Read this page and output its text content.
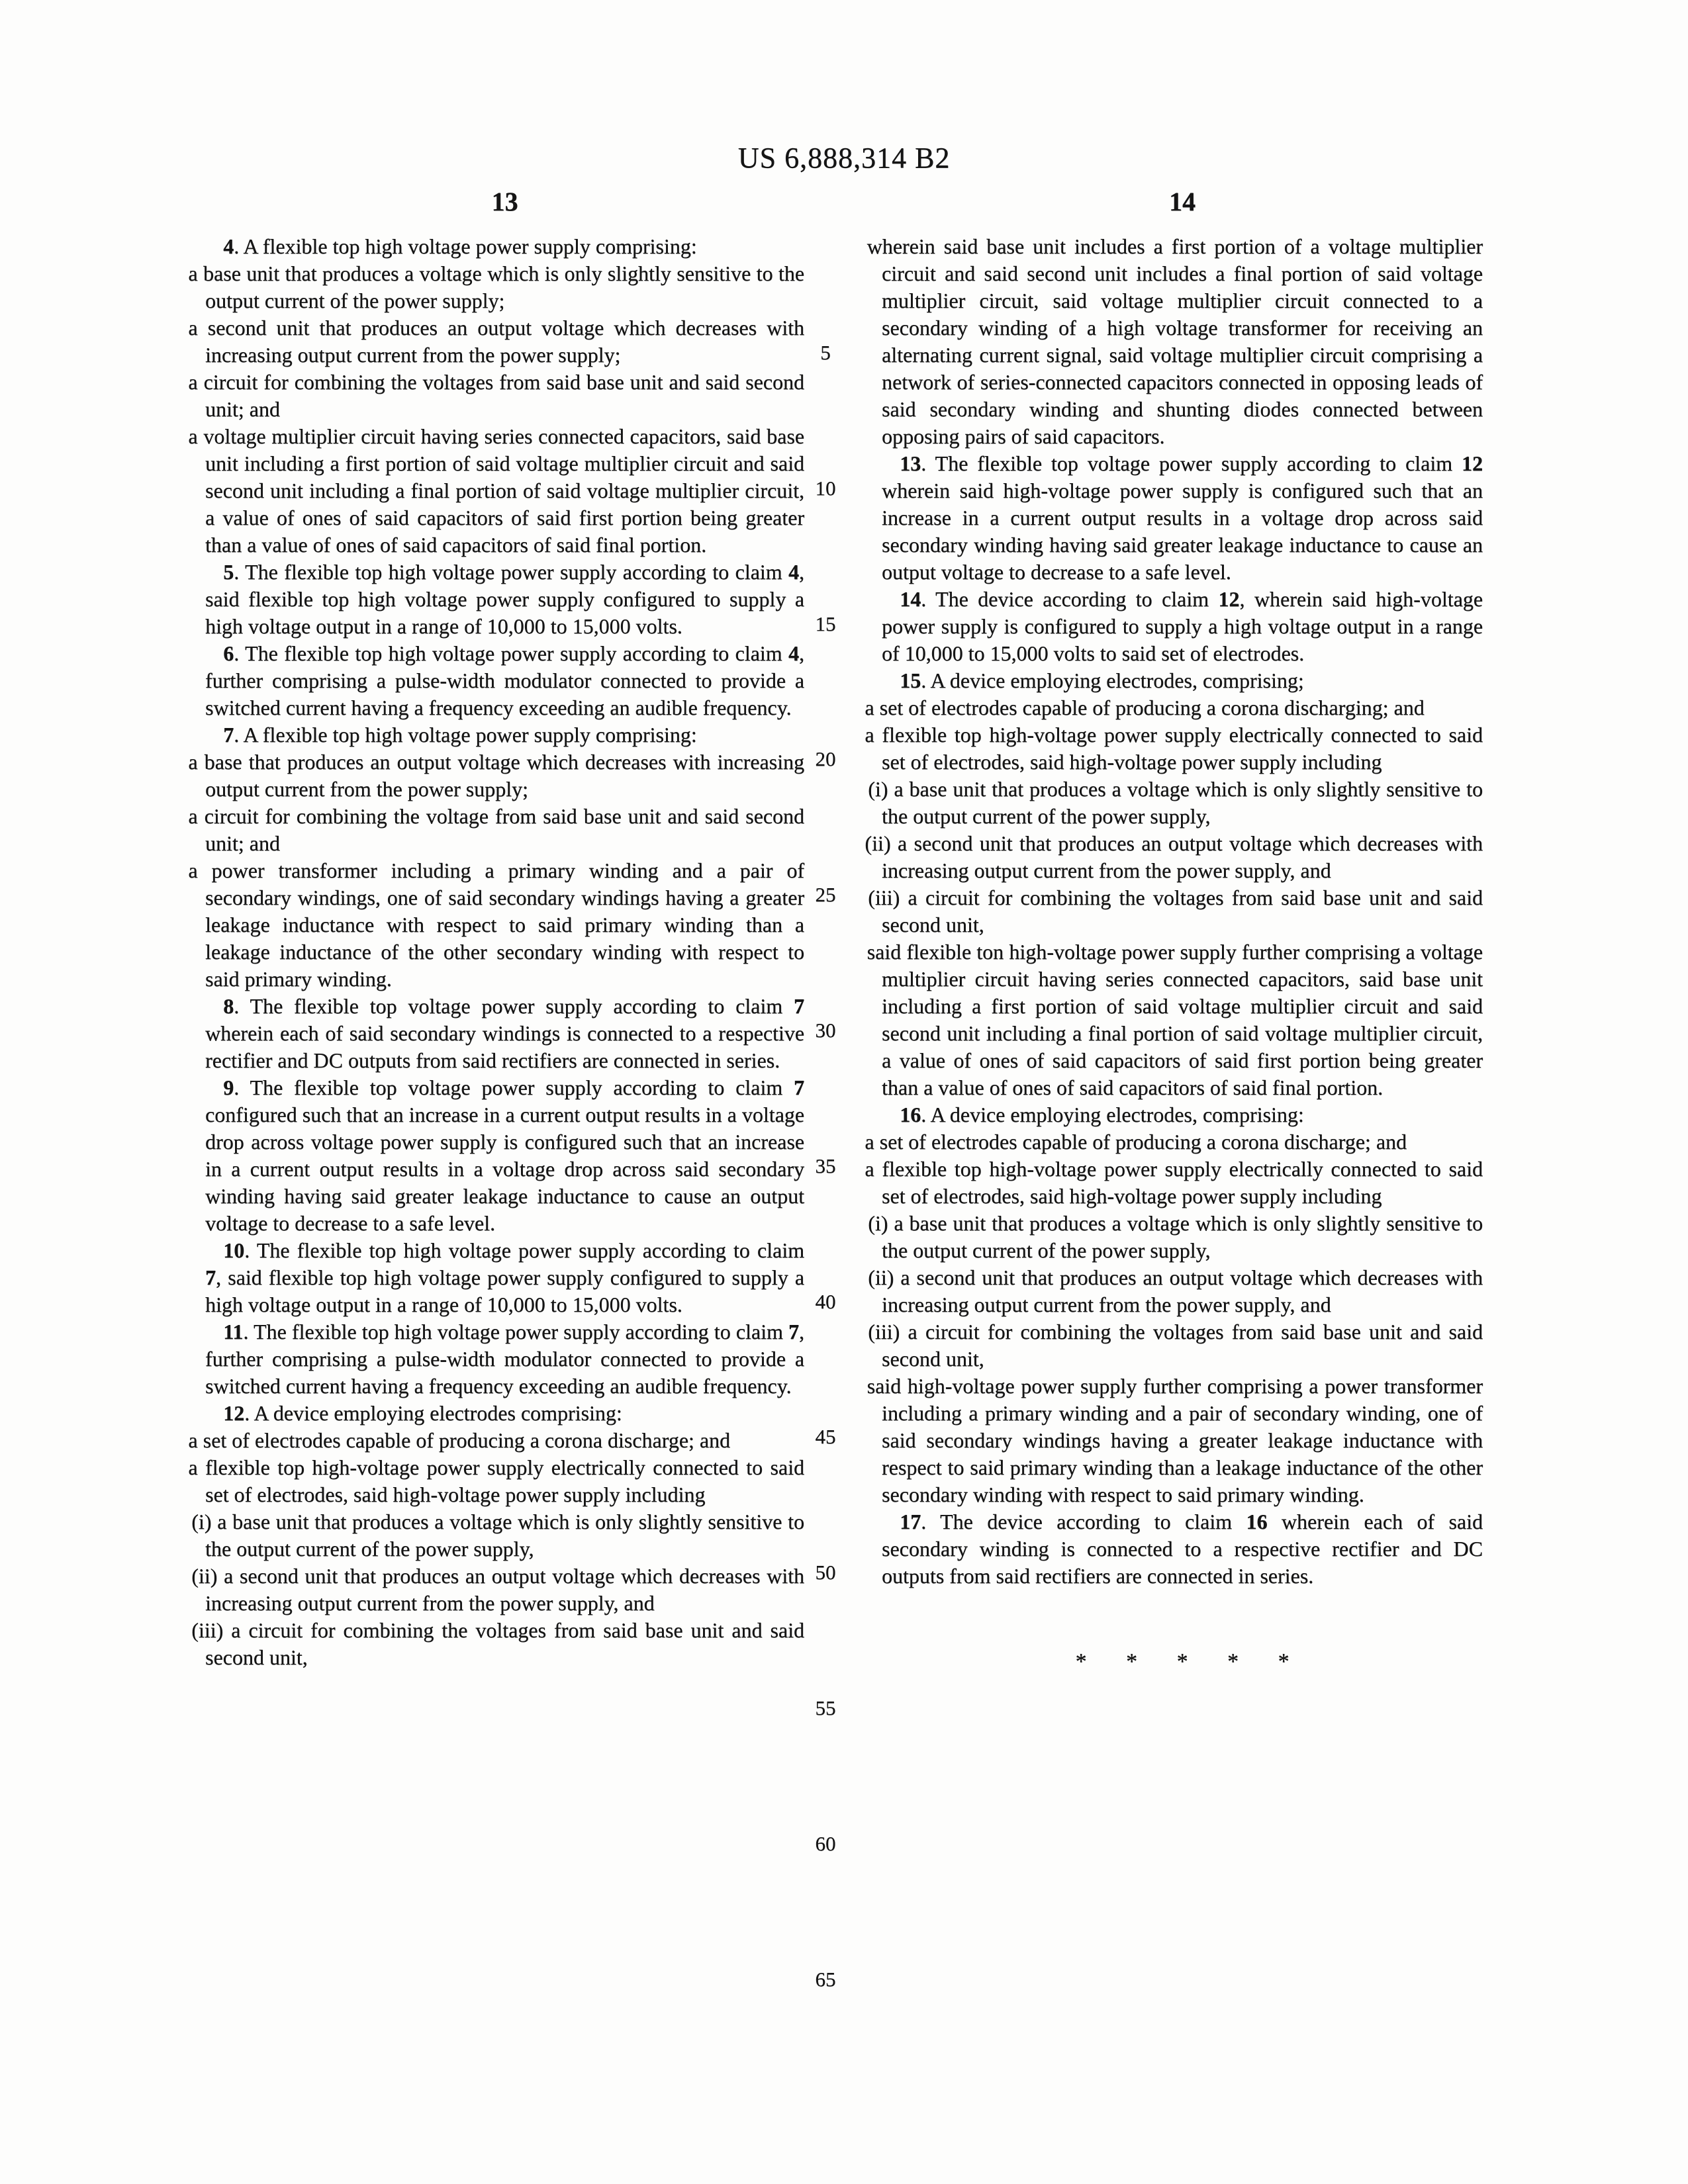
US 6,888,314 B2
13	14
5
10
15
20
25
30
35
40
45
50
55
60
65

4. A flexible top high voltage power supply comprising:

a base unit that produces a voltage which is only slightly sensitive to the output current of the power supply;

a second unit that produces an output voltage which decreases with increasing output current from the power supply;

a circuit for combining the voltages from said base unit and said second unit; and

a voltage multiplier circuit having series connected capacitors, said base unit including a first portion of said voltage multiplier circuit and said second unit including a final portion of said voltage multiplier circuit, a value of ones of said capacitors of said first portion being greater than a value of ones of said capacitors of said final portion.

5. The flexible top high voltage power supply according to claim 4, said flexible top high voltage power supply configured to supply a high voltage output in a range of 10,000 to 15,000 volts.

6. The flexible top high voltage power supply according to claim 4, further comprising a pulse-width modulator connected to provide a switched current having a frequency exceeding an audible frequency.

7. A flexible top high voltage power supply comprising:

a base that produces an output voltage which decreases with increasing output current from the power supply;

a circuit for combining the voltage from said base unit and said second unit; and

a power transformer including a primary winding and a pair of secondary windings, one of said secondary windings having a greater leakage inductance with respect to said primary winding than a leakage inductance of the other secondary winding with respect to said primary winding.

8. The flexible top voltage power supply according to claim 7 wherein each of said secondary windings is connected to a respective rectifier and DC outputs from said rectifiers are connected in series.

9. The flexible top voltage power supply according to claim 7 configured such that an increase in a current output results in a voltage drop across voltage power supply is configured such that an increase in a current output results in a voltage drop across said secondary winding having said greater leakage inductance to cause an output voltage to decrease to a safe level.

10. The flexible top high voltage power supply according to claim 7, said flexible top high voltage power supply configured to supply a high voltage output in a range of 10,000 to 15,000 volts.

11. The flexible top high voltage power supply according to claim 7, further comprising a pulse-width modulator connected to provide a switched current having a frequency exceeding an audible frequency.

12. A device employing electrodes comprising:

a set of electrodes capable of producing a corona discharge; and

a flexible top high-voltage power supply electrically connected to said set of electrodes, said high-voltage power supply including

(i) a base unit that produces a voltage which is only slightly sensitive to the output current of the power supply,

(ii) a second unit that produces an output voltage which decreases with increasing output current from the power supply, and

(iii) a circuit for combining the voltages from said base unit and said second unit,

wherein said base unit includes a first portion of a voltage multiplier circuit and said second unit includes a final portion of said voltage multiplier circuit, said voltage multiplier circuit connected to a secondary winding of a high voltage transformer for receiving an alternating current signal, said voltage multiplier circuit comprising a network of series-connected capacitors connected in opposing leads of said secondary winding and shunting diodes connected between opposing pairs of said capacitors.

13. The flexible top voltage power supply according to claim 12 wherein said high-voltage power supply is configured such that an increase in a current output results in a voltage drop across said secondary winding having said greater leakage inductance to cause an output voltage to decrease to a safe level.

14. The device according to claim 12, wherein said high-voltage power supply is configured to supply a high voltage output in a range of 10,000 to 15,000 volts to said set of electrodes.

15. A device employing electrodes, comprising;

a set of electrodes capable of producing a corona discharging; and

a flexible top high-voltage power supply electrically connected to said set of electrodes, said high-voltage power supply including

(i) a base unit that produces a voltage which is only slightly sensitive to the output current of the power supply,

(ii) a second unit that produces an output voltage which decreases with increasing output current from the power supply, and

(iii) a circuit for combining the voltages from said base unit and said second unit,

said flexible ton high-voltage power supply further comprising a voltage multiplier circuit having series connected capacitors, said base unit including a first portion of said voltage multiplier circuit and said second unit including a final portion of said voltage multiplier circuit, a value of ones of said capacitors of said first portion being greater than a value of ones of said capacitors of said final portion.

16. A device employing electrodes, comprising:

a set of electrodes capable of producing a corona discharge; and

a flexible top high-voltage power supply electrically connected to said set of electrodes, said high-voltage power supply including

(i) a base unit that produces a voltage which is only slightly sensitive to the output current of the power supply,

(ii) a second unit that produces an output voltage which decreases with increasing output current from the power supply, and

(iii) a circuit for combining the voltages from said base unit and said second unit,

said high-voltage power supply further comprising a power transformer including a primary winding and a pair of secondary winding, one of said secondary windings having a greater leakage inductance with respect to said primary winding than a leakage inductance of the other secondary winding with respect to said primary winding.

17. The device according to claim 16 wherein each of said secondary winding is connected to a respective rectifier and DC outputs from said rectifiers are connected in series.

* * * * *
